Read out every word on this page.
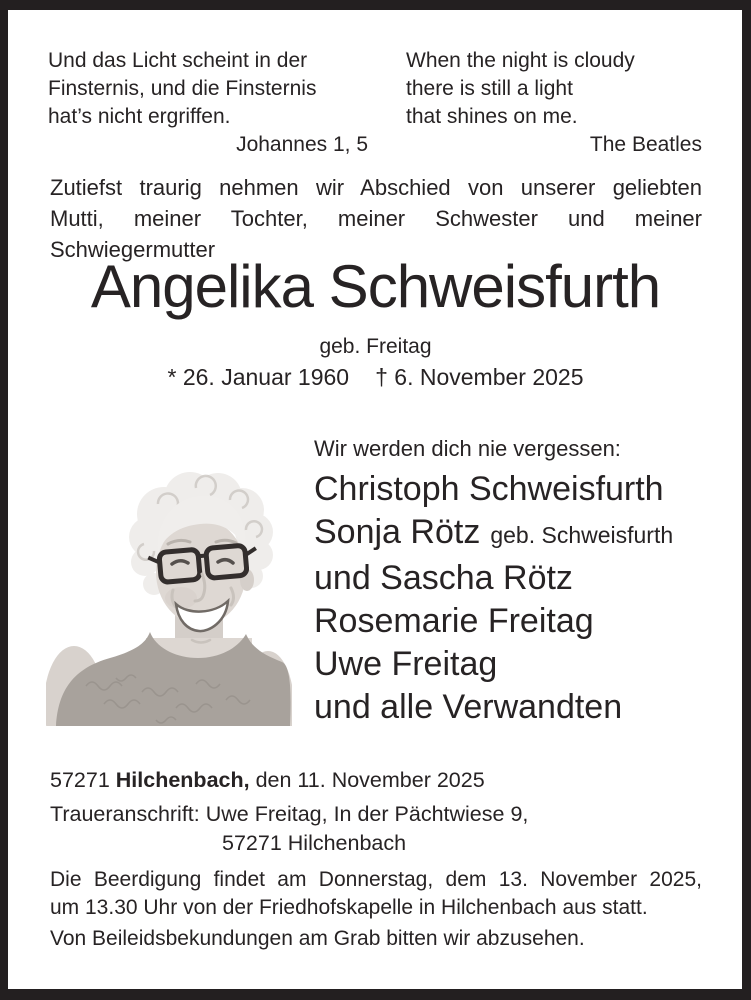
Und das Licht scheint in der
Finsternis, und die Finsternis
hat’s nicht ergriffen.
Johannes 1, 5
When the night is cloudy
there is still a light
that shines on me.
The Beatles
Zutiefst traurig nehmen wir Abschied von unserer geliebten
Mutti, meiner Tochter, meiner Schwester und meiner
Schwiegermutter
Angelika Schweisfurth
geb. Freitag
* 26. Januar 1960 † 6. November 2025
Wir werden dich nie vergessen:
Christoph Schweisfurth
Sonja Rötz geb. Schweisfurth
und Sascha Rötz
Rosemarie Freitag
Uwe Freitag
und alle Verwandten
57271 Hilchenbach, den 11. November 2025
Traueranschrift: Uwe Freitag, In der Pächtwiese 9,
57271 Hilchenbach
Die Beerdigung findet am Donnerstag, dem 13. November 2025,
um 13.30 Uhr von der Friedhofskapelle in Hilchenbach aus statt.
Von Beileidsbekundungen am Grab bitten wir abzusehen.
